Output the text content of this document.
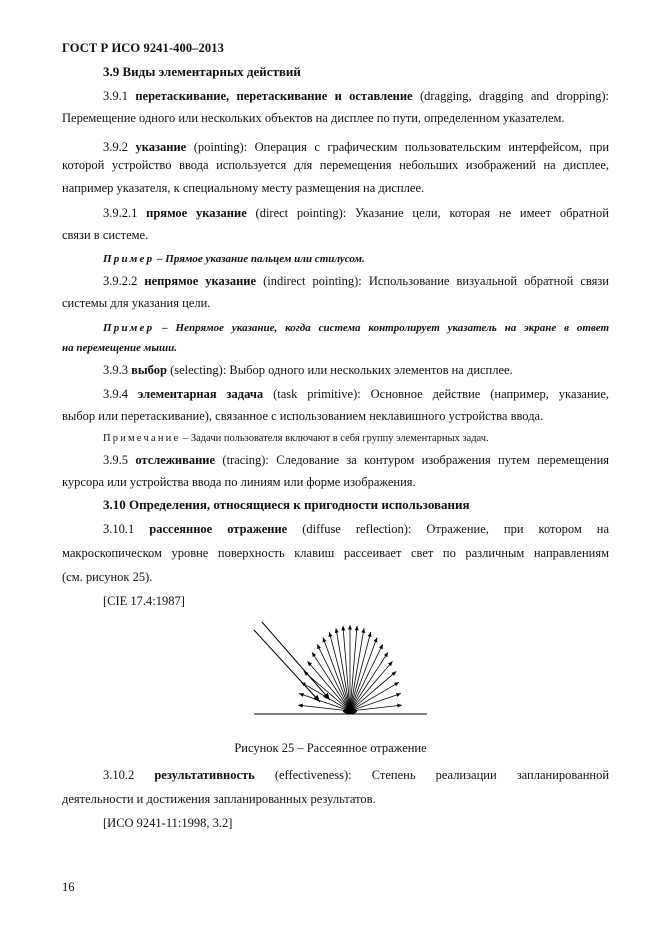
ГОСТ Р ИСО 9241-400–2013
3.9 Виды элементарных действий
3.9.1 перетаскивание, перетаскивание и оставление (dragging, dragging and dropping):
Перемещение одного или нескольких объектов на дисплее по пути, определенном указателем.
3.9.2 указание (pointing): Операция с графическим пользовательским интерфейсом, при
которой устройство ввода используется для перемещения небольших изображений на дисплее,
например указателя, к специальному месту размещения на дисплее.
3.9.2.1 прямое указание (direct pointing): Указание цели, которая не имеет обратной
связи в системе.
Пример – Прямое указание пальцем или стилусом.
3.9.2.2 непрямое указание (indirect pointing): Использование визуальной обратной связи
системы для указания цели.
Пример – Непрямое указание, когда система контролирует указатель на экране в ответ
на перемещение мыши.
3.9.3 выбор (selecting): Выбор одного или нескольких элементов на дисплее.
3.9.4 элементарная задача (task primitive): Основное действие (например, указание,
выбор или перетаскивание), связанное с использованием неклавишного устройства ввода.
Примечание – Задачи пользователя включают в себя группу элементарных задач.
3.9.5 отслеживание (tracing): Следование за контуром изображения путем перемещения
курсора или устройства ввода по линиям или форме изображения.
3.10 Определения, относящиеся к пригодности использования
3.10.1 рассеянное отражение (diffuse reflection): Отражение, при котором на
макроскопическом уровне поверхность клавиш рассеивает свет по различным направлениям
(см. рисунок 25).
[CIE 17.4:1987]
Рисунок 25 – Рассеянное отражение
3.10.2 результативность (effectiveness): Степень реализации запланированной
деятельности и достижения запланированных результатов.
[ИСО 9241-11:1998, 3.2]
16
